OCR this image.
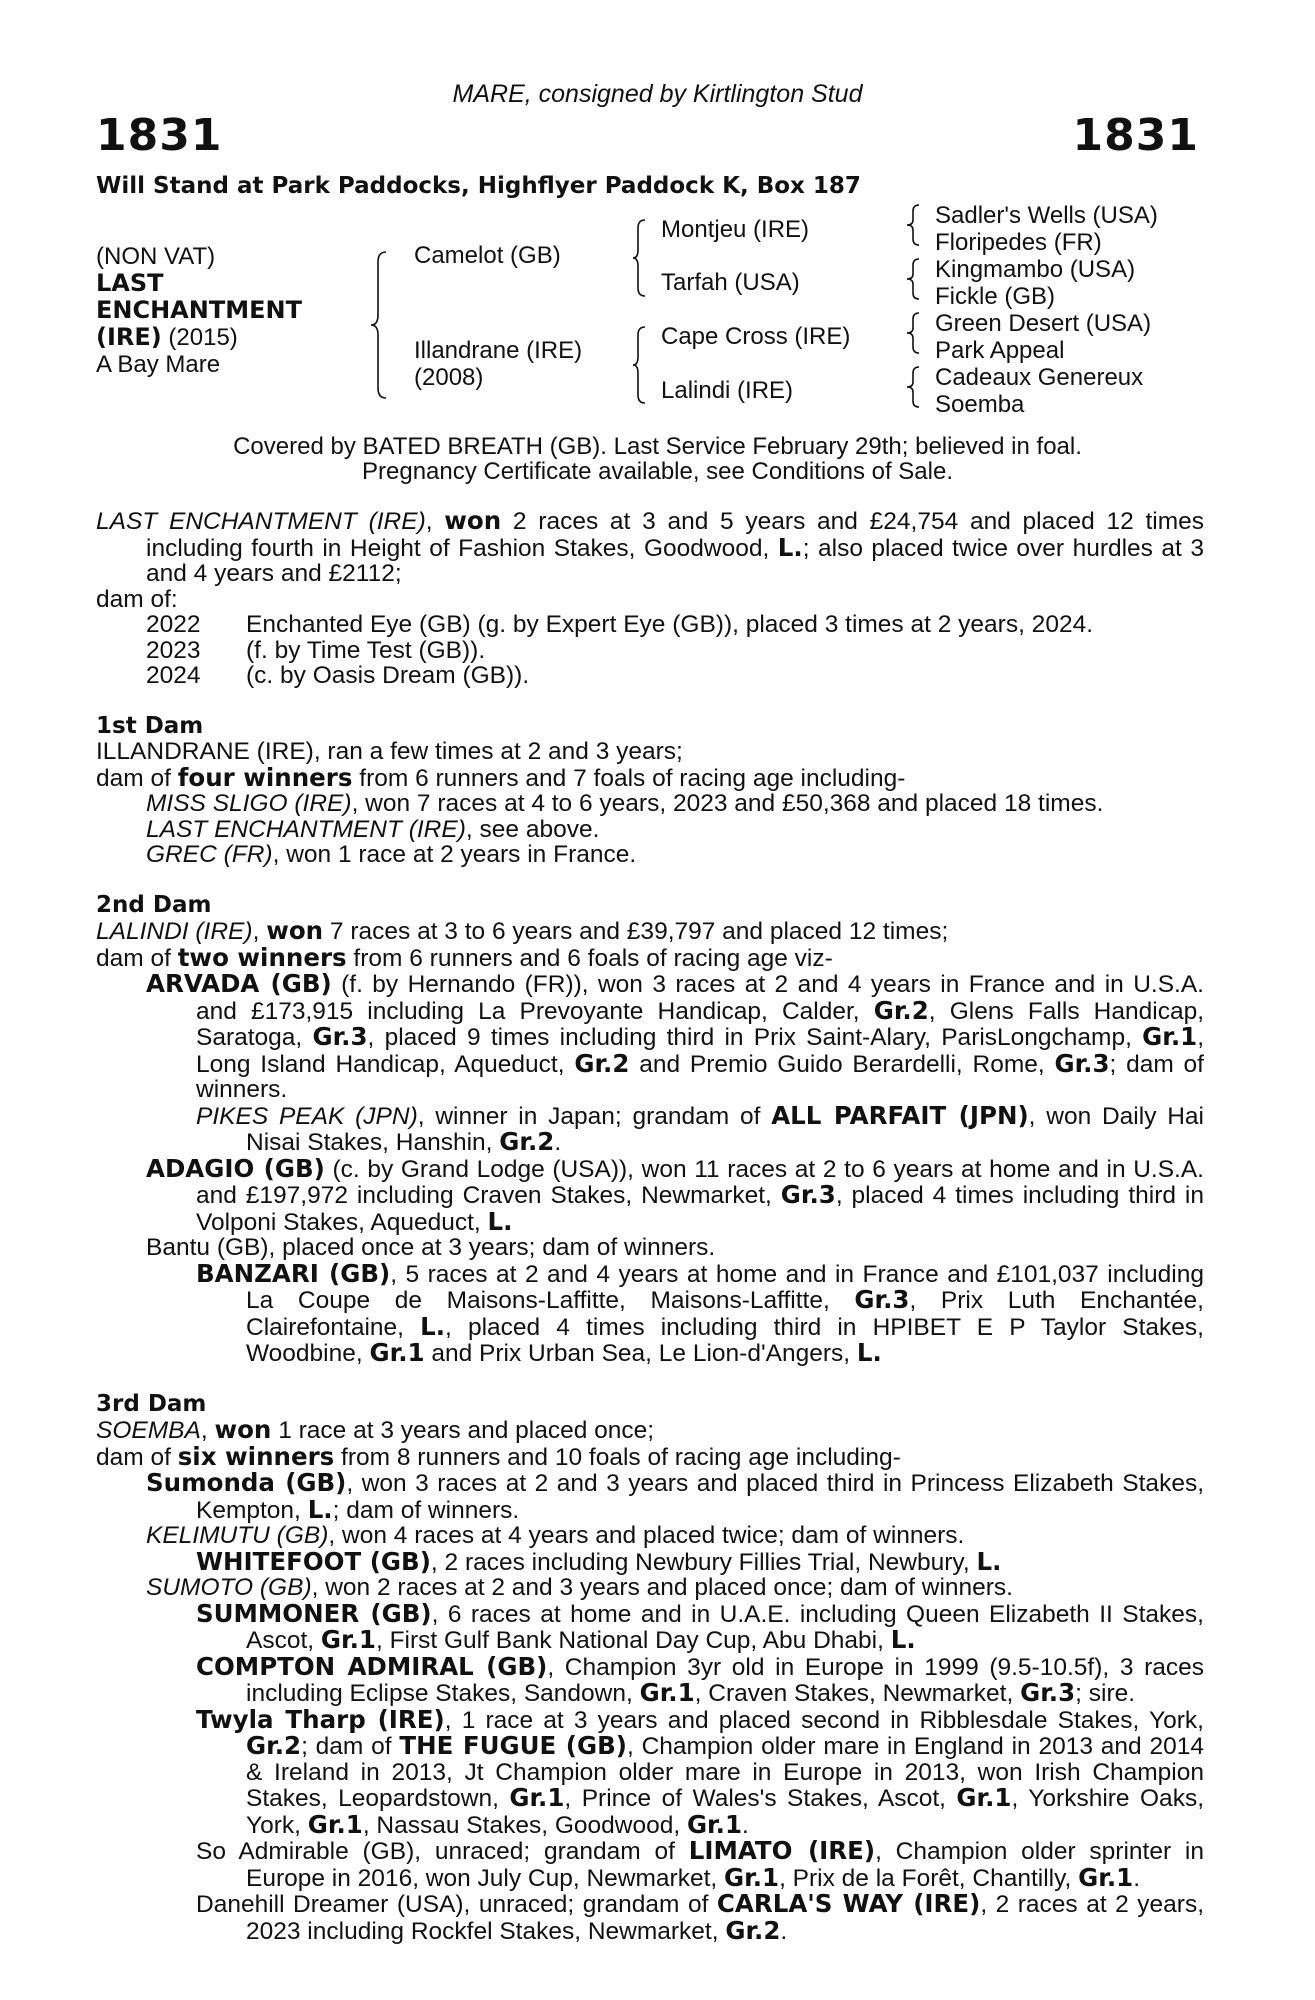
MARE, consigned by Kirtlington Stud
1831	1831
Will Stand at Park Paddocks, Highflyer Paddock K, Box 187
(NON VAT)
LAST
ENCHANTMENT
(IRE) (2015)
A Bay Mare
Camelot (GB)
Illandrane (IRE)
(2008)
Montjeu (IRE)
Tarfah (USA)
Cape Cross (IRE)
Lalindi (IRE)
Sadler's Wells (USA)
Floripedes (FR)
Kingmambo (USA)
Fickle (GB)
Green Desert (USA)
Park Appeal
Cadeaux Genereux
Soemba
Covered by BATED BREATH (GB). Last Service February 29th; believed in foal.
Pregnancy Certificate available, see Conditions of Sale.

LAST ENCHANTMENT (IRE), won 2 races at 3 and 5 years and £24,754 and placed 12 times including fourth in Height of Fashion Stakes, Goodwood, L.; also placed twice over hurdles at 3 and 4 years and £2112;

dam of:

2022	Enchanted Eye (GB) (g. by Expert Eye (GB)), placed 3 times at 2 years, 2024.
2023	(f. by Time Test (GB)).
2024	(c. by Oasis Dream (GB)).

1st Dam

ILLANDRANE (IRE), ran a few times at 2 and 3 years;

dam of four winners from 6 runners and 7 foals of racing age including-

MISS SLIGO (IRE), won 7 races at 4 to 6 years, 2023 and £50,368 and placed 18 times.

LAST ENCHANTMENT (IRE), see above.

GREC (FR), won 1 race at 2 years in France.

2nd Dam

LALINDI (IRE), won 7 races at 3 to 6 years and £39,797 and placed 12 times;

dam of two winners from 6 runners and 6 foals of racing age viz-

ARVADA (GB) (f. by Hernando (FR)), won 3 races at 2 and 4 years in France and in U.S.A. and £173,915 including La Prevoyante Handicap, Calder, Gr.2, Glens Falls Handicap, Saratoga, Gr.3, placed 9 times including third in Prix Saint-Alary, ParisLongchamp, Gr.1, Long Island Handicap, Aqueduct, Gr.2 and Premio Guido Berardelli, Rome, Gr.3; dam of winners.

PIKES PEAK (JPN), winner in Japan; grandam of ALL PARFAIT (JPN), won Daily Hai Nisai Stakes, Hanshin, Gr.2.

ADAGIO (GB) (c. by Grand Lodge (USA)), won 11 races at 2 to 6 years at home and in U.S.A. and £197,972 including Craven Stakes, Newmarket, Gr.3, placed 4 times including third in Volponi Stakes, Aqueduct, L.

Bantu (GB), placed once at 3 years; dam of winners.

BANZARI (GB), 5 races at 2 and 4 years at home and in France and £101,037 including La Coupe de Maisons-Laffitte, Maisons-Laffitte, Gr.3, Prix Luth Enchantée, Clairefontaine, L., placed 4 times including third in HPIBET E P Taylor Stakes, Woodbine, Gr.1 and Prix Urban Sea, Le Lion-d'Angers, L.

3rd Dam

SOEMBA, won 1 race at 3 years and placed once;

dam of six winners from 8 runners and 10 foals of racing age including-

Sumonda (GB), won 3 races at 2 and 3 years and placed third in Princess Elizabeth Stakes, Kempton, L.; dam of winners.

KELIMUTU (GB), won 4 races at 4 years and placed twice; dam of winners.

WHITEFOOT (GB), 2 races including Newbury Fillies Trial, Newbury, L.

SUMOTO (GB), won 2 races at 2 and 3 years and placed once; dam of winners.

SUMMONER (GB), 6 races at home and in U.A.E. including Queen Elizabeth II Stakes, Ascot, Gr.1, First Gulf Bank National Day Cup, Abu Dhabi, L.

COMPTON ADMIRAL (GB), Champion 3yr old in Europe in 1999 (9.5-10.5f), 3 races including Eclipse Stakes, Sandown, Gr.1, Craven Stakes, Newmarket, Gr.3; sire.

Twyla Tharp (IRE), 1 race at 3 years and placed second in Ribblesdale Stakes, York, Gr.2; dam of THE FUGUE (GB), Champion older mare in England in 2013 and 2014 & Ireland in 2013, Jt Champion older mare in Europe in 2013, won Irish Champion Stakes, Leopardstown, Gr.1, Prince of Wales's Stakes, Ascot, Gr.1, Yorkshire Oaks, York, Gr.1, Nassau Stakes, Goodwood, Gr.1.

So Admirable (GB), unraced; grandam of LIMATO (IRE), Champion older sprinter in Europe in 2016, won July Cup, Newmarket, Gr.1, Prix de la Forêt, Chantilly, Gr.1.

Danehill Dreamer (USA), unraced; grandam of CARLA'S WAY (IRE), 2 races at 2 years, 2023 including Rockfel Stakes, Newmarket, Gr.2.
